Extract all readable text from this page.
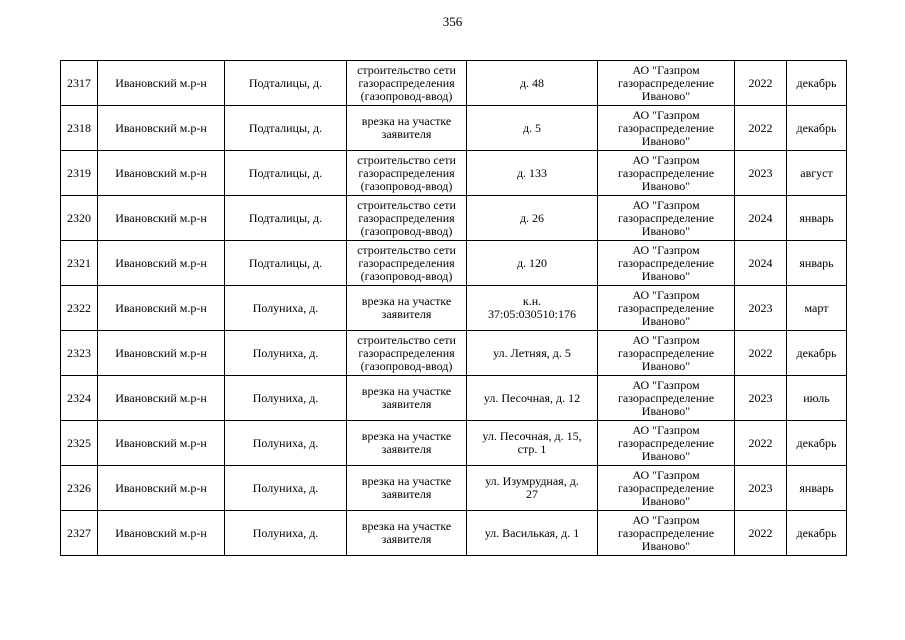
356
2317	Ивановский м.р-н	Подталицы, д.	строительство сети
газораспределения
(газопровод-ввод)	д. 48	АО "Газпром
газораспределение
Иваново"	2022	декабрь
2318	Ивановский м.р-н	Подталицы, д.	врезка на участке
заявителя	д. 5	АО "Газпром
газораспределение
Иваново"	2022	декабрь
2319	Ивановский м.р-н	Подталицы, д.	строительство сети
газораспределения
(газопровод-ввод)	д. 133	АО "Газпром
газораспределение
Иваново"	2023	август
2320	Ивановский м.р-н	Подталицы, д.	строительство сети
газораспределения
(газопровод-ввод)	д. 26	АО "Газпром
газораспределение
Иваново"	2024	январь
2321	Ивановский м.р-н	Подталицы, д.	строительство сети
газораспределения
(газопровод-ввод)	д. 120	АО "Газпром
газораспределение
Иваново"	2024	январь
2322	Ивановский м.р-н	Полуниха, д.	врезка на участке
заявителя	к.н.
37:05:030510:176	АО "Газпром
газораспределение
Иваново"	2023	март
2323	Ивановский м.р-н	Полуниха, д.	строительство сети
газораспределения
(газопровод-ввод)	ул. Летняя, д. 5	АО "Газпром
газораспределение
Иваново"	2022	декабрь
2324	Ивановский м.р-н	Полуниха, д.	врезка на участке
заявителя	ул. Песочная, д. 12	АО "Газпром
газораспределение
Иваново"	2023	июль
2325	Ивановский м.р-н	Полуниха, д.	врезка на участке
заявителя	ул. Песочная, д. 15,
стр. 1	АО "Газпром
газораспределение
Иваново"	2022	декабрь
2326	Ивановский м.р-н	Полуниха, д.	врезка на участке
заявителя	ул. Изумрудная, д.
27	АО "Газпром
газораспределение
Иваново"	2023	январь
2327	Ивановский м.р-н	Полуниха, д.	врезка на участке
заявителя	ул. Василькая, д. 1	АО "Газпром
газораспределение
Иваново"	2022	декабрь
